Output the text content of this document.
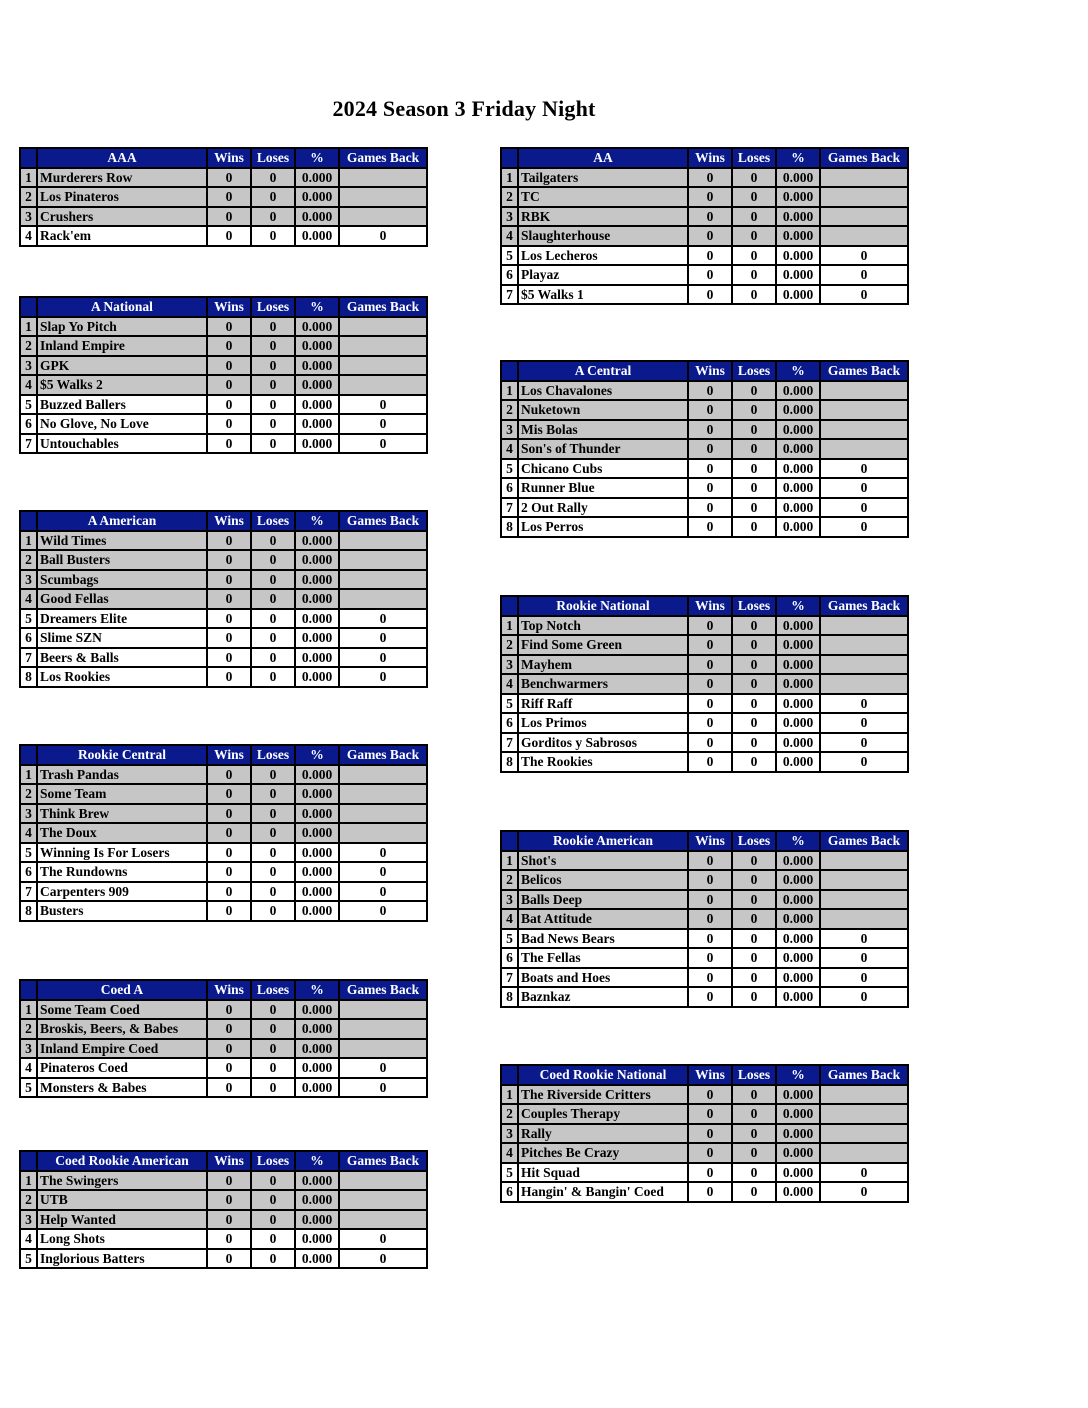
2024 Season 3 Friday Night
	AAA	Wins	Loses	%	Games Back
1	Murderers Row	0	0	0.000	
2	Los Pinateros	0	0	0.000	
3	Crushers	0	0	0.000	
4	Rack'em	0	0	0.000	0
	A National	Wins	Loses	%	Games Back
1	Slap Yo Pitch	0	0	0.000	
2	Inland Empire	0	0	0.000	
3	GPK	0	0	0.000	
4	$5 Walks 2	0	0	0.000	
5	Buzzed Ballers	0	0	0.000	0
6	No Glove, No Love	0	0	0.000	0
7	Untouchables	0	0	0.000	0
	A American	Wins	Loses	%	Games Back
1	Wild Times	0	0	0.000	
2	Ball Busters	0	0	0.000	
3	Scumbags	0	0	0.000	
4	Good Fellas	0	0	0.000	
5	Dreamers Elite	0	0	0.000	0
6	Slime SZN	0	0	0.000	0
7	Beers & Balls	0	0	0.000	0
8	Los Rookies	0	0	0.000	0
	Rookie Central	Wins	Loses	%	Games Back
1	Trash Pandas	0	0	0.000	
2	Some Team	0	0	0.000	
3	Think Brew	0	0	0.000	
4	The Doux	0	0	0.000	
5	Winning Is For Losers	0	0	0.000	0
6	The Rundowns	0	0	0.000	0
7	Carpenters 909	0	0	0.000	0
8	Busters	0	0	0.000	0
	Coed A	Wins	Loses	%	Games Back
1	Some Team Coed	0	0	0.000	
2	Broskis, Beers, & Babes	0	0	0.000	
3	Inland Empire Coed	0	0	0.000	
4	Pinateros Coed	0	0	0.000	0
5	Monsters & Babes	0	0	0.000	0
	Coed Rookie American	Wins	Loses	%	Games Back
1	The Swingers	0	0	0.000	
2	UTB	0	0	0.000	
3	Help Wanted	0	0	0.000	
4	Long Shots	0	0	0.000	0
5	Inglorious Batters	0	0	0.000	0
	AA	Wins	Loses	%	Games Back
1	Tailgaters	0	0	0.000	
2	TC	0	0	0.000	
3	RBK	0	0	0.000	
4	Slaughterhouse	0	0	0.000	
5	Los Lecheros	0	0	0.000	0
6	Playaz	0	0	0.000	0
7	$5 Walks 1	0	0	0.000	0
	A Central	Wins	Loses	%	Games Back
1	Los Chavalones	0	0	0.000	
2	Nuketown	0	0	0.000	
3	Mis Bolas	0	0	0.000	
4	Son's of Thunder	0	0	0.000	
5	Chicano Cubs	0	0	0.000	0
6	Runner Blue	0	0	0.000	0
7	2 Out Rally	0	0	0.000	0
8	Los Perros	0	0	0.000	0
	Rookie National	Wins	Loses	%	Games Back
1	Top Notch	0	0	0.000	
2	Find Some Green	0	0	0.000	
3	Mayhem	0	0	0.000	
4	Benchwarmers	0	0	0.000	
5	Riff Raff	0	0	0.000	0
6	Los Primos	0	0	0.000	0
7	Gorditos y Sabrosos	0	0	0.000	0
8	The Rookies	0	0	0.000	0
	Rookie American	Wins	Loses	%	Games Back
1	Shot's	0	0	0.000	
2	Belicos	0	0	0.000	
3	Balls Deep	0	0	0.000	
4	Bat Attitude	0	0	0.000	
5	Bad News Bears	0	0	0.000	0
6	The Fellas	0	0	0.000	0
7	Boats and Hoes	0	0	0.000	0
8	Baznkaz	0	0	0.000	0
	Coed Rookie National	Wins	Loses	%	Games Back
1	The Riverside Critters	0	0	0.000	
2	Couples Therapy	0	0	0.000	
3	Rally	0	0	0.000	
4	Pitches Be Crazy	0	0	0.000	
5	Hit Squad	0	0	0.000	0
6	Hangin' & Bangin' Coed	0	0	0.000	0
